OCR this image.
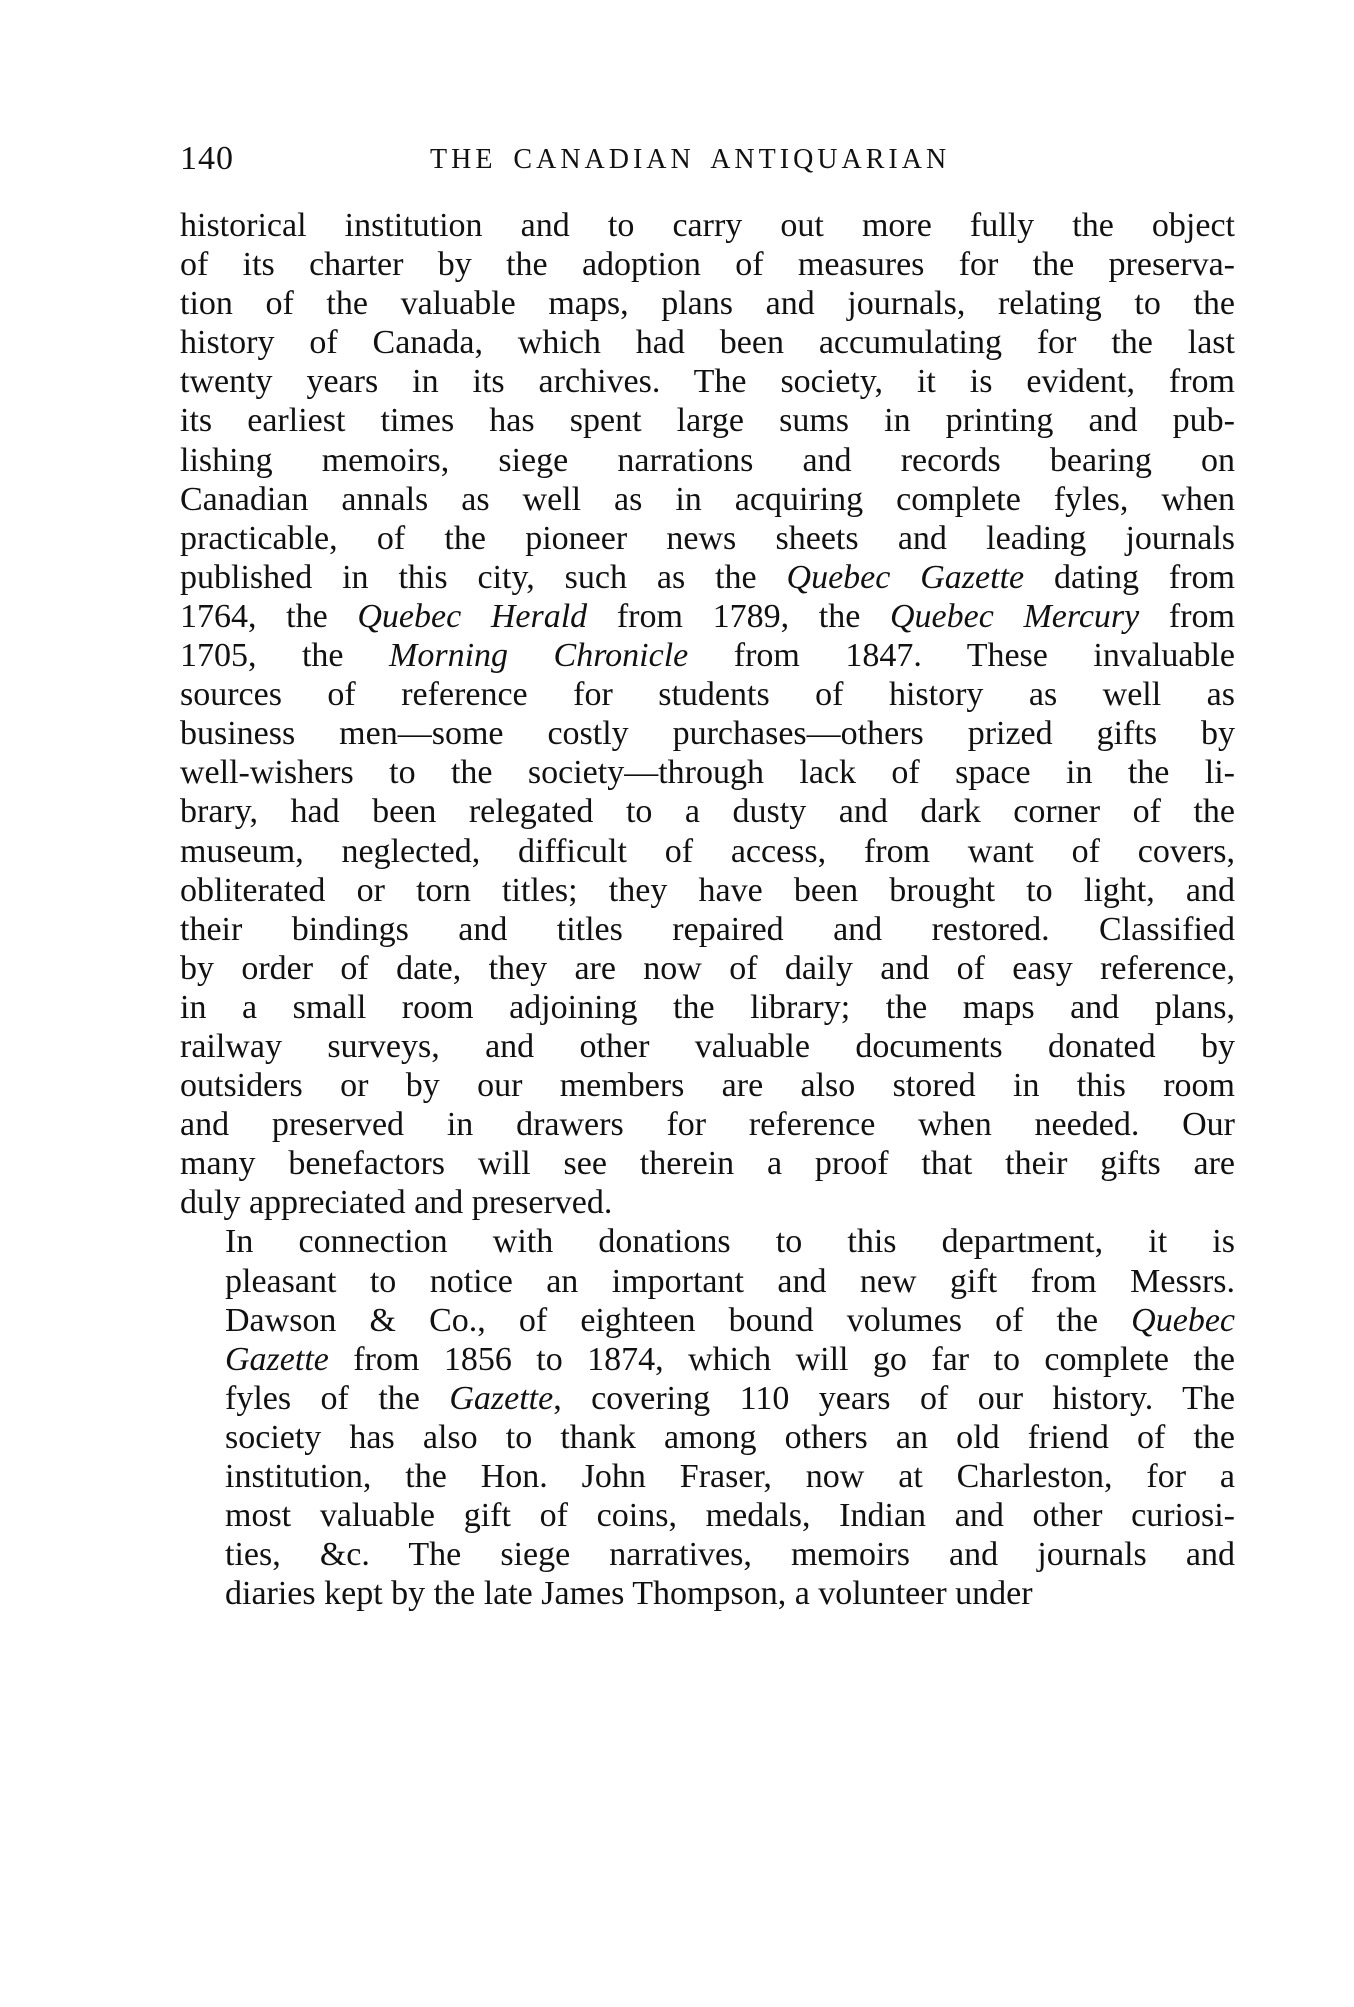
140	THE CANADIAN ANTIQUARIAN

historical institution and to carry out more fully the object
of its charter by the adoption of measures for the preserva-
tion of the valuable maps, plans and journals, relating to the
history of Canada, which had been accumulating for the last
twenty years in its archives. The society, it is evident, from
its earliest times has spent large sums in printing and pub-
lishing memoirs, siege narrations and records bearing on
Canadian annals as well as in acquiring complete fyles, when
practicable, of the pioneer news sheets and leading journals
published in this city, such as the Quebec Gazette dating from
1764, the Quebec Herald from 1789, the Quebec Mercury from
1705, the Morning Chronicle from 1847. These invaluable
sources of reference for students of history as well as
business men—some costly purchases—others prized gifts by
well-wishers to the society—through lack of space in the li-
brary, had been relegated to a dusty and dark corner of the
museum, neglected, difficult of access, from want of covers,
obliterated or torn titles; they have been brought to light, and
their bindings and titles repaired and restored. Classified
by order of date, they are now of daily and of easy reference,
in a small room adjoining the library; the maps and plans,
railway surveys, and other valuable documents donated by
outsiders or by our members are also stored in this room
and preserved in drawers for reference when needed. Our
many benefactors will see therein a proof that their gifts are
duly appreciated and preserved.

In connection with donations to this department, it is
pleasant to notice an important and new gift from Messrs.
Dawson & Co., of eighteen bound volumes of the Quebec
Gazette from 1856 to 1874, which will go far to complete the
fyles of the Gazette, covering 110 years of our history. The
society has also to thank among others an old friend of the
institution, the Hon. John Fraser, now at Charleston, for a
most valuable gift of coins, medals, Indian and other curiosi-
ties, &c. The siege narratives, memoirs and journals and
diaries kept by the late James Thompson, a volunteer under
